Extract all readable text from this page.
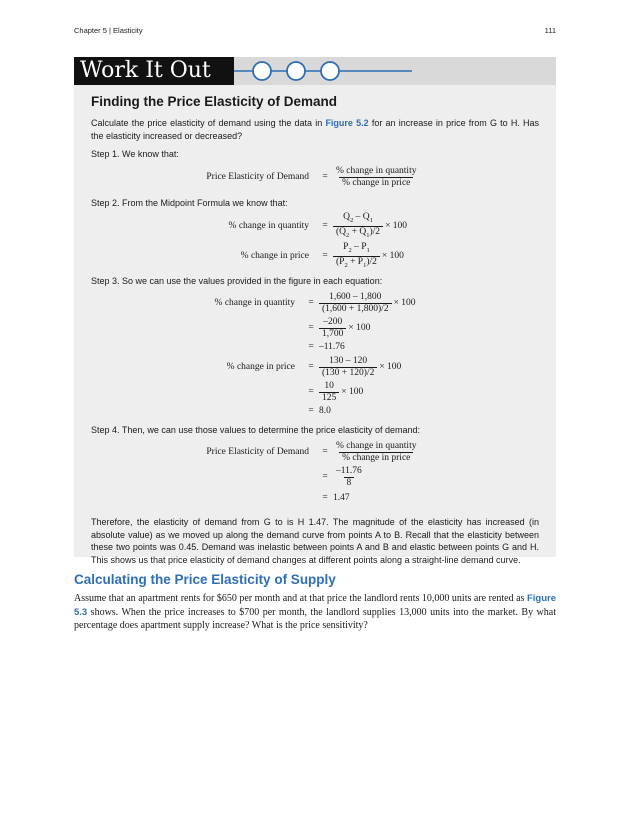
Chapter 5 | Elasticity	111
Work It Out
Finding the Price Elasticity of Demand

Calculate the price elasticity of demand using the data in Figure 5.2 for an increase in price from G to H. Has the elasticity increased or decreased?

Step 1. We know that:

Price Elasticity of Demand	= $\frac{\text{\% change in quantity}}{\text{\% change in price}}$

Step 2. From the Midpoint Formula we know that:

% change in quantity	= $\frac{Q_2 - Q_1}{(Q_2 + Q_1)/2} \times 100$
% change in price	= $\frac{P_2 - P_1}{(P_2 + P_1)/2} \times 100$

Step 3. So we can use the values provided in the figure in each equation:

% change in quantity	= $\frac{1,600 - 1,800}{(1,600 + 1,800)/2} \times 100$
= $\frac{-200}{1,700} \times 100$
= –11.76
% change in price	= $\frac{130 - 120}{(130 + 120)/2} \times 100$
= $\frac{10}{125} \times 100$
= 8.0

Step 4. Then, we can use those values to determine the price elasticity of demand:

Price Elasticity of Demand	= $\frac{\text{\% change in quantity}}{\text{\% change in price}}$
= $\frac{-11.76}{8}$
= 1.47

Therefore, the elasticity of demand from G to is H 1.47. The magnitude of the elasticity has increased (in absolute value) as we moved up along the demand curve from points A to B. Recall that the elasticity between these two points was 0.45. Demand was inelastic between points A and B and elastic between points G and H. This shows us that price elasticity of demand changes at different points along a straight-line demand curve.

Calculating the Price Elasticity of Supply

Assume that an apartment rents for $650 per month and at that price the landlord rents 10,000 units are rented as Figure 5.3 shows. When the price increases to $700 per month, the landlord supplies 13,000 units into the market. By what percentage does apartment supply increase? What is the price sensitivity?
